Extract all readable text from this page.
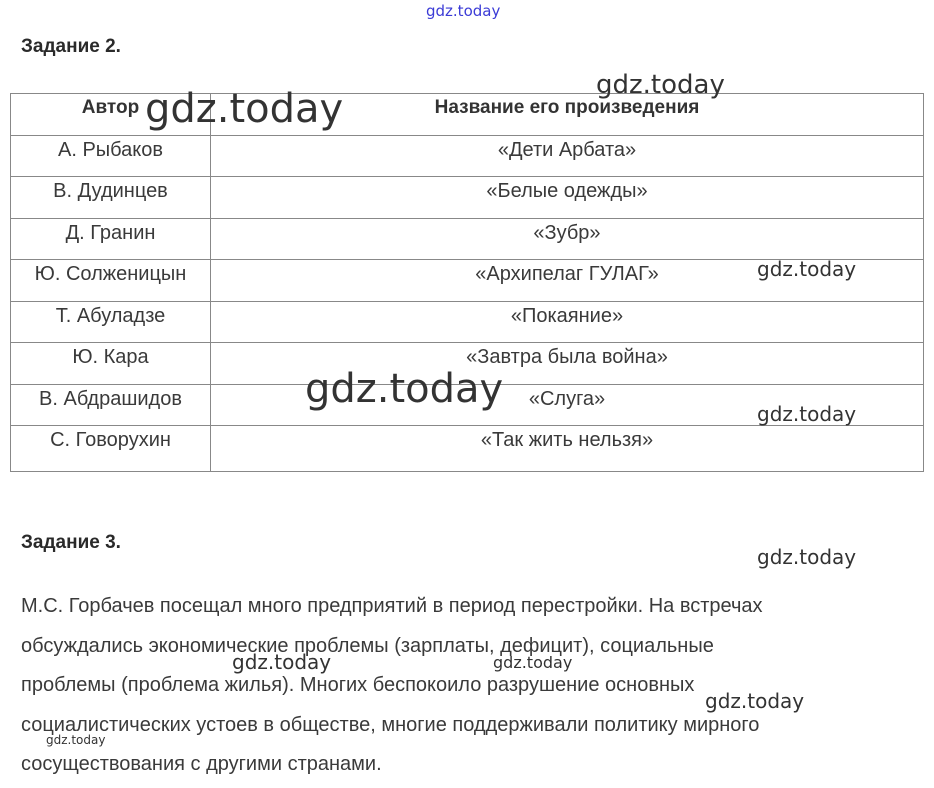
Задание 2.
Автор	Название его произведения
А. Рыбаков	«Дети Арбата»
В. Дудинцев	«Белые одежды»
Д. Гранин	«Зубр»
Ю. Солженицын	«Архипелаг ГУЛАГ»
Т. Абуладзе	«Покаяние»
Ю. Кара	«Завтра была война»
В. Абдрашидов	«Слуга»
С. Говорухин	«Так жить нельзя»
Задание 3.
М.С. Горбачев посещал много предприятий в период перестройки. На встречах
обсуждались экономические проблемы (зарплаты, дефицит), социальные
проблемы (проблема жилья). Многих беспокоило разрушение основных
социалистических устоев в обществе, многие поддерживали политику мирного
сосуществования с другими странами.
gdz.today
gdz.today
gdz.today
gdz.today
gdz.today
gdz.today
gdz.today
gdz.today	gdz.today
gdz.today
gdz.today
